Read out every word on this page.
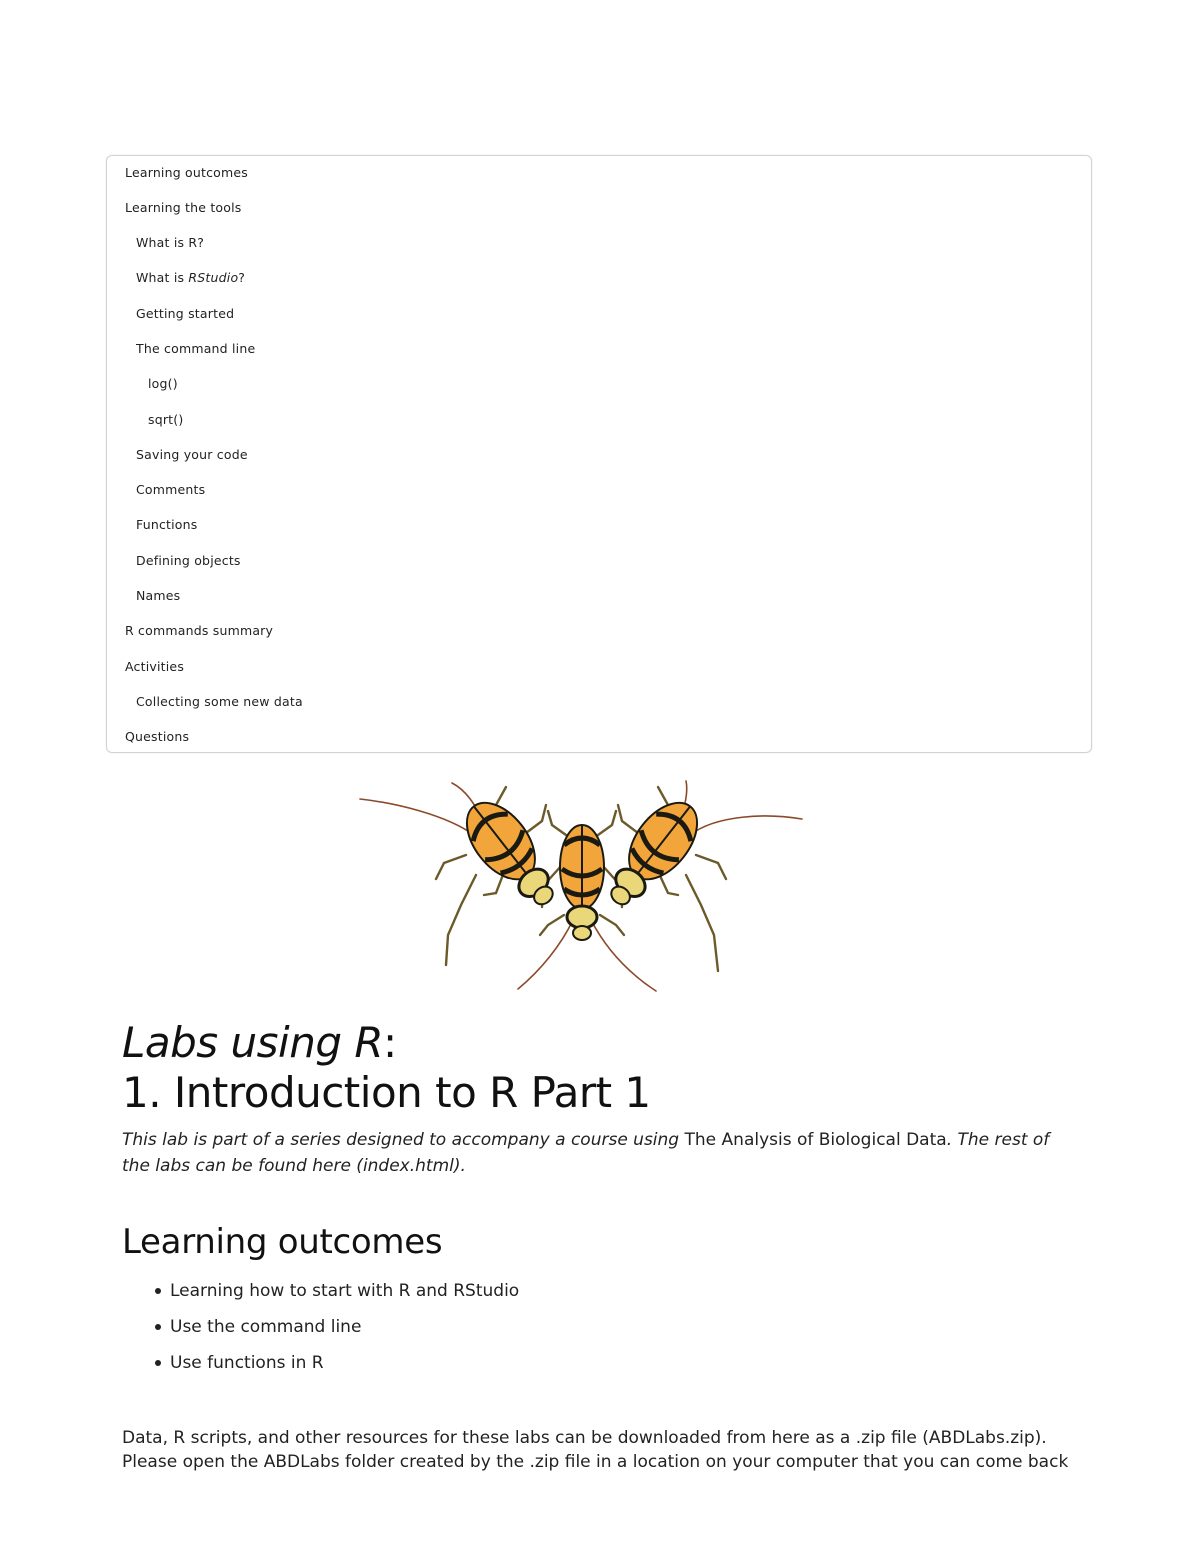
Learning outcomes
Learning the tools
What is R?
What is RStudio?
Getting started
The command line
log()
sqrt()
Saving your code
Comments
Functions
Defining objects
Names
R commands summary
Activities
Collecting some new data
Questions
Labs using R:
1. Introduction to R Part 1

This lab is part of a series designed to accompany a course using The Analysis of Biological Data. The rest of the labs can be found here (index.html).

Learning outcomes
Learning how to start with R and RStudio
Use the command line
Use functions in R
Data, R scripts, and other resources for these labs can be downloaded from here as a .zip file (ABDLabs.zip).
Please open the ABDLabs folder created by the .zip file in a location on your computer that you can come back
